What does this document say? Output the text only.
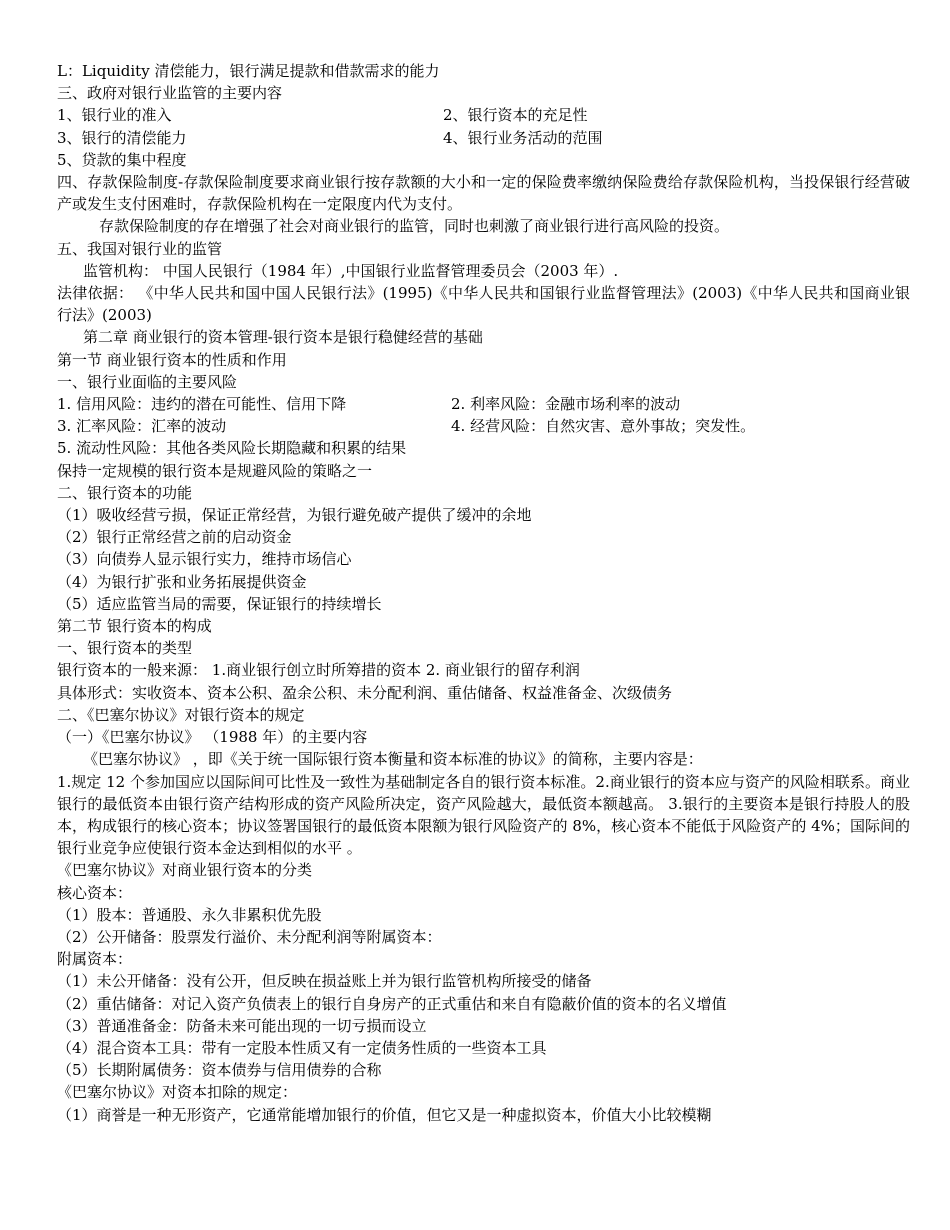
L：Liquidity 清偿能力，银行满足提款和借款需求的能力
三、政府对银行业监管的主要内容
1、银行业的准入	2、银行资本的充足性
3、银行的清偿能力	4、银行业务活动的范围
5、贷款的集中程度
四、存款保险制度-存款保险制度要求商业银行按存款额的大小和一定的保险费率缴纳保险费给存款保险机构，当投保银行经营破产或发生支付困难时，存款保险机构在一定限度内代为支付。
存款保险制度的存在增强了社会对商业银行的监管，同时也刺激了商业银行进行高风险的投资。
五、我国对银行业的监管
监管机构： 中国人民银行（1984 年）,中国银行业监督管理委员会（2003 年）.
法律依据： 《中华人民共和国中国人民银行法》(1995)《中华人民共和国银行业监督管理法》(2003)《中华人民共和国商业银行法》(2003)
第二章 商业银行的资本管理-银行资本是银行稳健经营的基础
第一节 商业银行资本的性质和作用
一、银行业面临的主要风险
1. 信用风险：违约的潜在可能性、信用下降	2. 利率风险：金融市场利率的波动
3. 汇率风险：汇率的波动	4. 经营风险：自然灾害、意外事故；突发性。
5. 流动性风险：其他各类风险长期隐藏和积累的结果
保持一定规模的银行资本是规避风险的策略之一
二、银行资本的功能
（1）吸收经营亏损，保证正常经营，为银行避免破产提供了缓冲的余地
（2）银行正常经营之前的启动资金
（3）向债券人显示银行实力，维持市场信心
（4）为银行扩张和业务拓展提供资金
（5）适应监管当局的需要，保证银行的持续增长
第二节 银行资本的构成
一、银行资本的类型
银行资本的一般来源： 1.商业银行创立时所筹措的资本 2. 商业银行的留存利润
具体形式：实收资本、资本公积、盈余公积、未分配利润、重估储备、权益准备金、次级债务
二、《巴塞尔协议》对银行资本的规定
（一）《巴塞尔协议》 （1988 年）的主要内容
《巴塞尔协议》 ，即《关于统一国际银行资本衡量和资本标准的协议》的简称，主要内容是：
1.规定 12 个参加国应以国际间可比性及一致性为基础制定各自的银行资本标准。2.商业银行的资本应与资产的风险相联系。商业银行的最低资本由银行资产结构形成的资产风险所决定，资产风险越大，最低资本额越高。 3.银行的主要资本是银行持股人的股本，构成银行的核心资本；协议签署国银行的最低资本限额为银行风险资产的 8%，核心资本不能低于风险资产的 4%；国际间的银行业竞争应使银行资本金达到相似的水平 。
《巴塞尔协议》对商业银行资本的分类
核心资本：
（1）股本：普通股、永久非累积优先股
（2）公开储备：股票发行溢价、未分配利润等附属资本：
附属资本：
（1）未公开储备：没有公开，但反映在损益账上并为银行监管机构所接受的储备
（2）重估储备：对记入资产负债表上的银行自身房产的正式重估和来自有隐蔽价值的资本的名义增值
（3）普通准备金：防备未来可能出现的一切亏损而设立
（4）混合资本工具：带有一定股本性质又有一定债务性质的一些资本工具
（5）长期附属债务：资本债券与信用债券的合称
《巴塞尔协议》对资本扣除的规定：
（1）商誉是一种无形资产，它通常能增加银行的价值，但它又是一种虚拟资本，价值大小比较模糊
